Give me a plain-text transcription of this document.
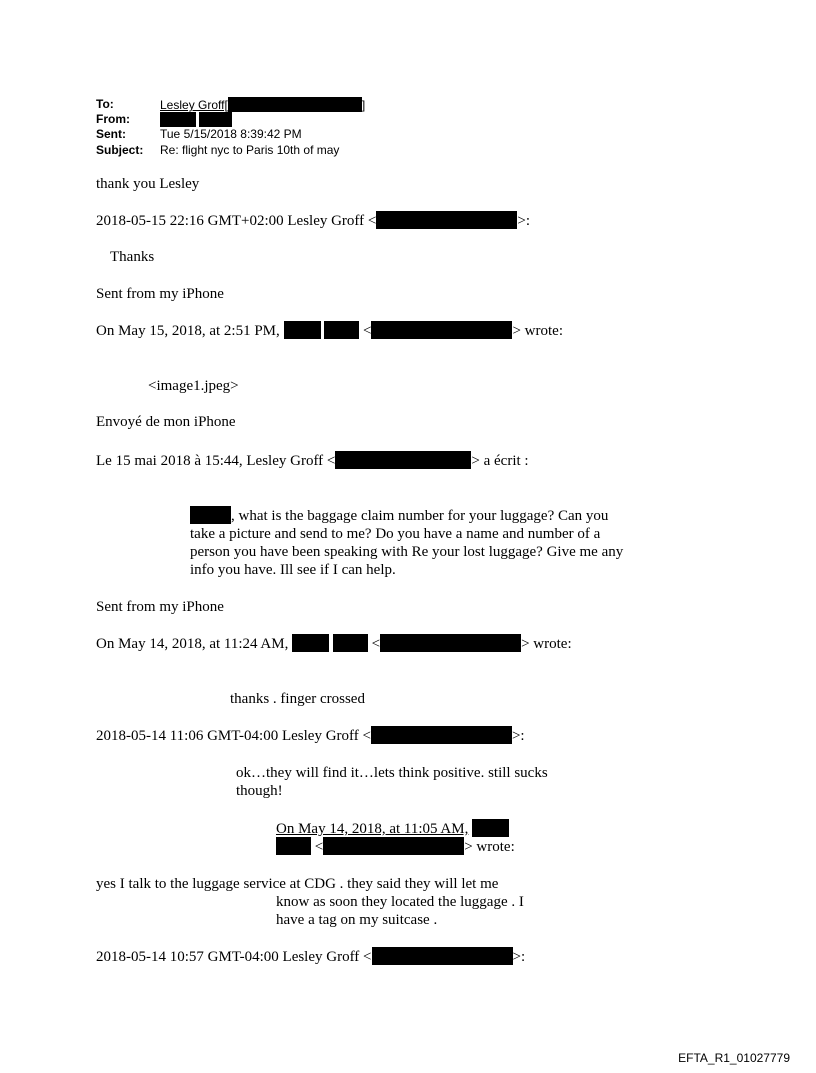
To:	Lesley Groff[	]
From:

Sent:	Tue 5/15/2018 8:39:42 PM
Subject: Re: flight nyc to Paris 10th of may
thank you Lesley
2018-05-15 22:16 GMT+02:00 Lesley Groff <	>:
Thanks
Sent from my iPhone
On May 15, 2018, at 2:51 PM,	<	> wrote:
<image1.jpeg>
Envoyé de mon iPhone
Le 15 mai 2018 à 15:44, Lesley Groff <	> a écrit :
, what is the baggage claim number for your luggage? Can you take a picture and send to me? Do you have a name and number of a person you have been speaking with Re your lost luggage? Give me any info you have. Ill see if I can help.
Sent from my iPhone
On May 14, 2018, at 11:24 AM,	<	> wrote:
thanks . finger crossed
2018-05-14 11:06 GMT-04:00 Lesley Groff <	>:
ok…they will find it…lets think positive. still sucks
though!
On May 14, 2018, at 11:05 AM,
<	> wrote:
yes I talk to the luggage service at CDG . they said they will let me
know as soon they located the luggage . I
have a tag on my suitcase .
2018-05-14 10:57 GMT-04:00 Lesley Groff <	>:
EFTA_R1_01027779
